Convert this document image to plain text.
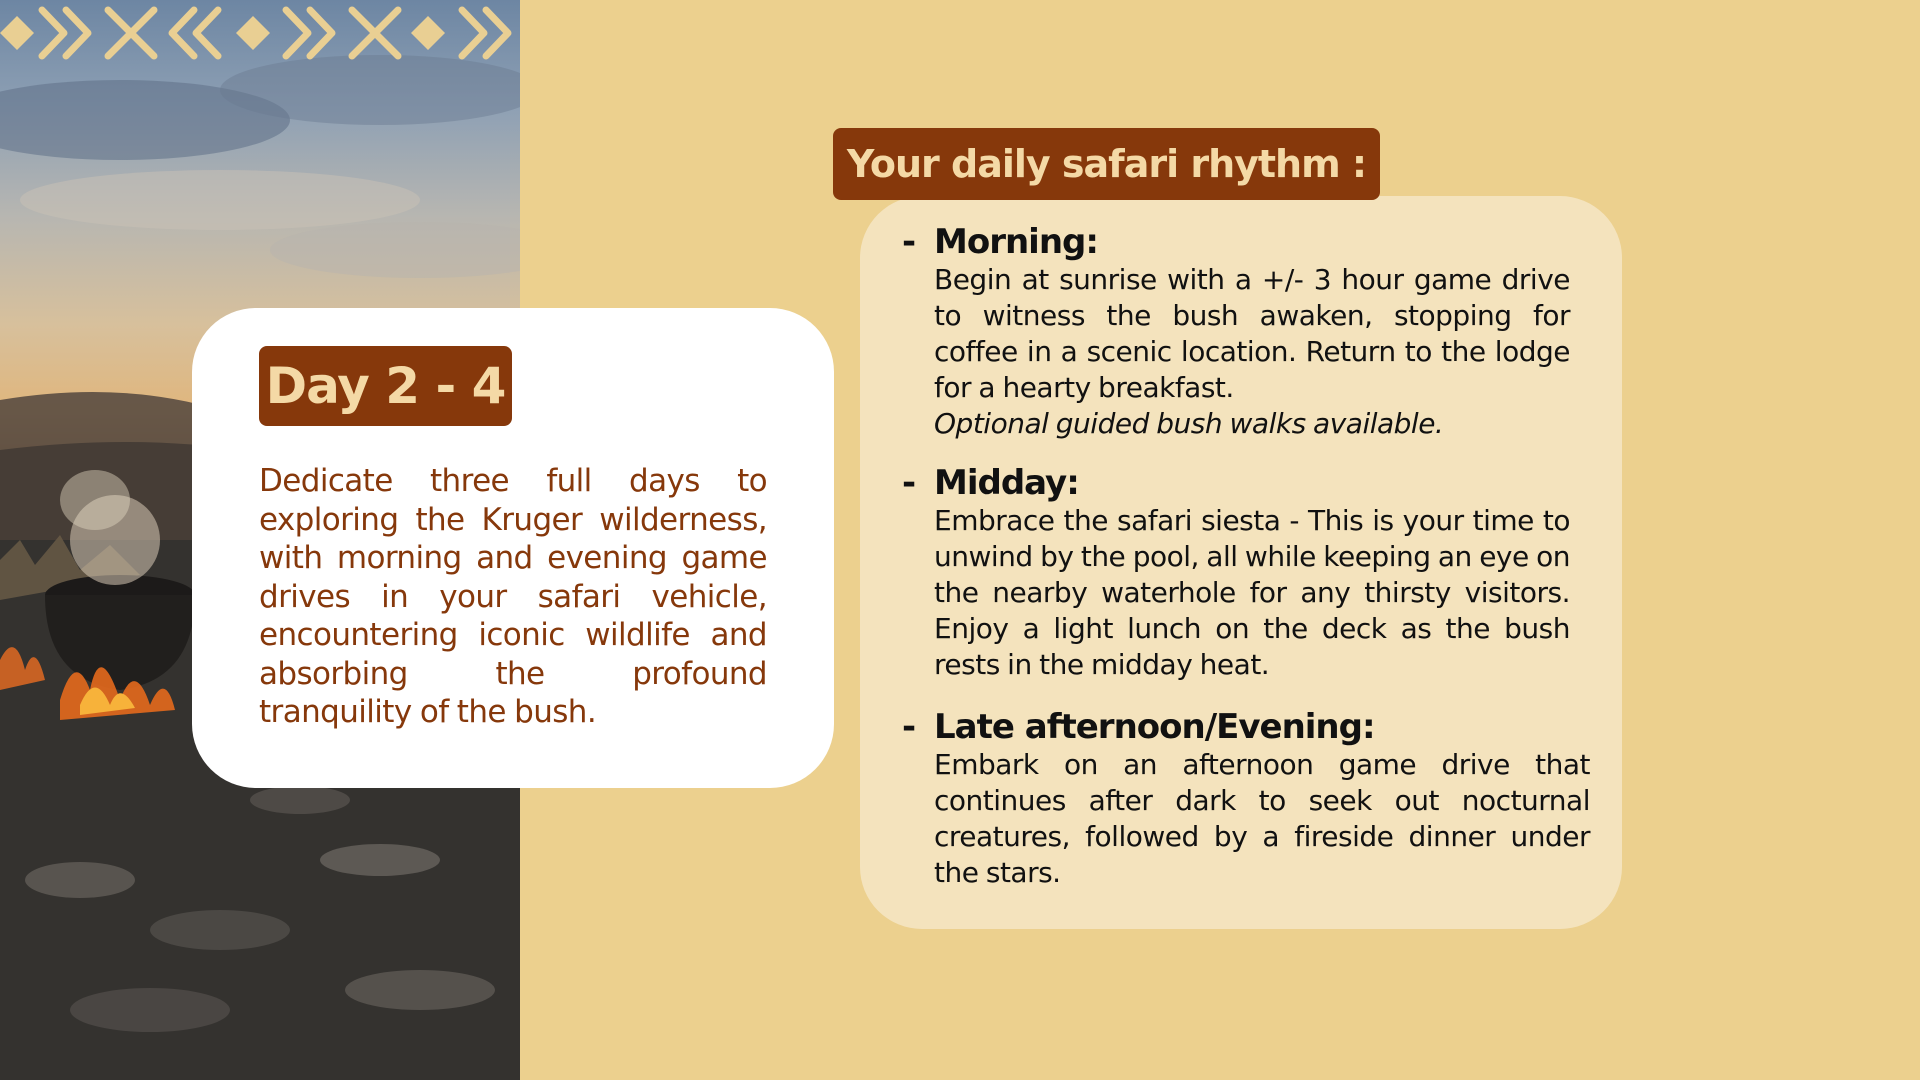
Day 2 - 4
Dedicate three full days to exploring the Kruger wilderness, with morning and evening game drives in your safari vehicle, encountering iconic wildlife and absorbing the profound tranquility of the bush.
Your daily safari rhythm :
- Morning:
Begin at sunrise with a +/- 3 hour game drive to witness the bush awaken, stopping for coffee in a scenic location. Return to the lodge for a hearty breakfast.
Optional guided bush walks available.
- Midday:
Embrace the safari siesta - This is your time to unwind by the pool, all while keeping an eye on the nearby waterhole for any thirsty visitors. Enjoy a light lunch on the deck as the bush rests in the midday heat.
- Late afternoon/Evening:
Embark on an afternoon game drive that continues after dark to seek out nocturnal creatures, followed by a fireside dinner under the stars.
